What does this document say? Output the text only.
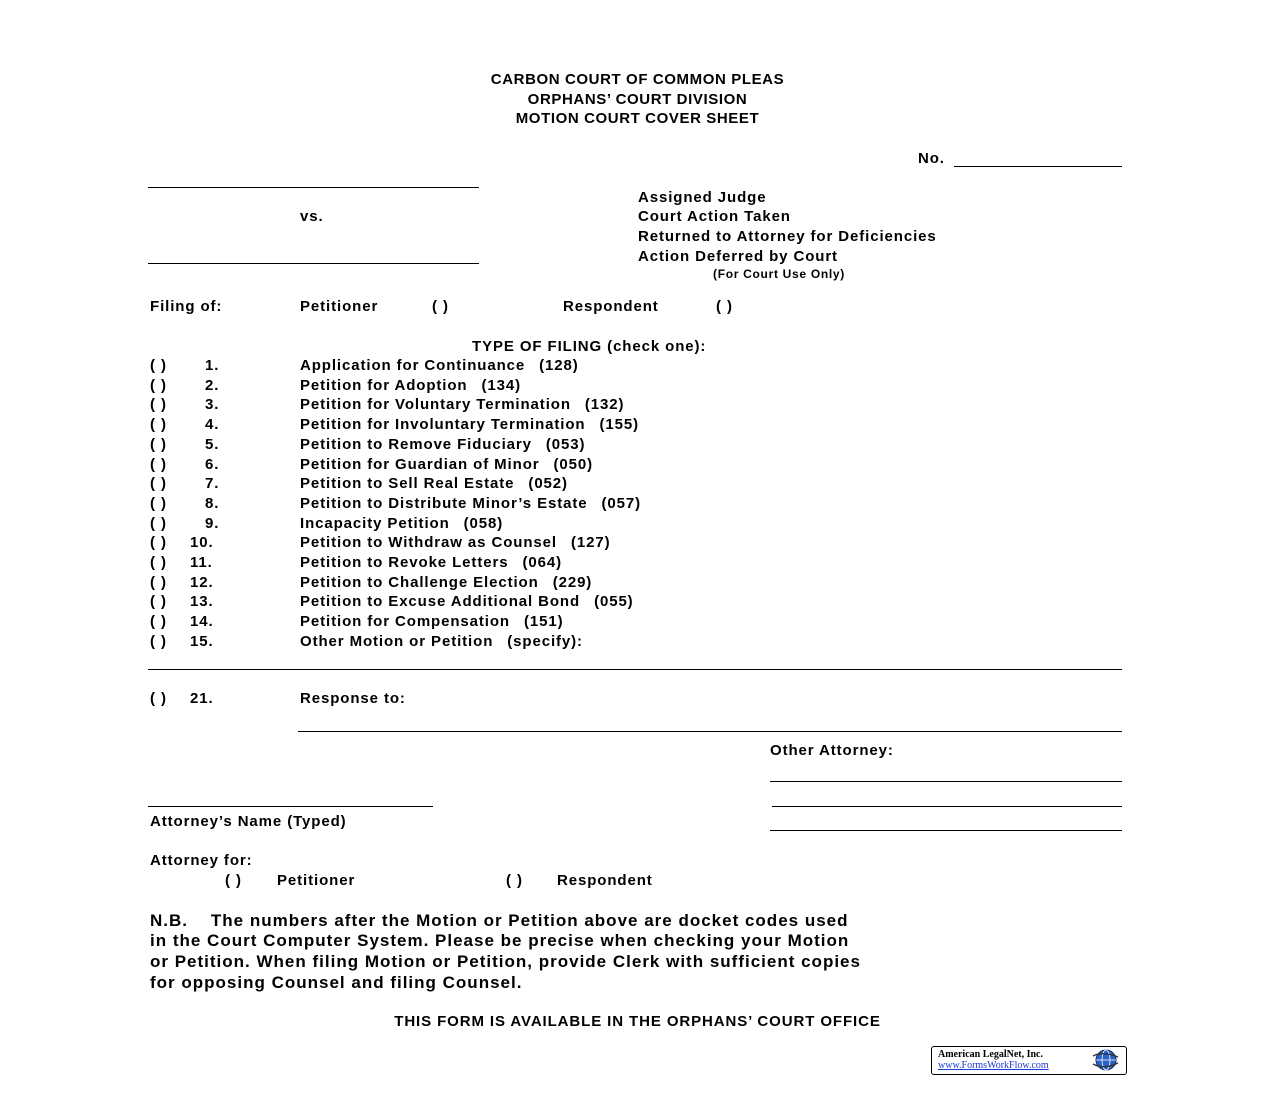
CARBON COURT OF COMMON PLEAS
ORPHANS’ COURT DIVISION
MOTION COURT COVER SHEET
No.
vs.
Assigned Judge
Court Action Taken
Returned to Attorney for Deficiencies
Action Deferred by Court
(For Court Use Only)
Filing of:	Petitioner	( )	Respondent	( )
TYPE OF FILING (check one):
( )	1.	Application for Continuance (128)
( )	2.	Petition for Adoption (134)
( )	3.	Petition for Voluntary Termination (132)
( )	4.	Petition for Involuntary Termination (155)
( )	5.	Petition to Remove Fiduciary (053)
( )	6.	Petition for Guardian of Minor (050)
( )	7.	Petition to Sell Real Estate (052)
( )	8.	Petition to Distribute Minor’s Estate (057)
( )	9.	Incapacity Petition (058)
( ) 10.	Petition to Withdraw as Counsel (127)
( ) 11.	Petition to Revoke Letters (064)
( ) 12.	Petition to Challenge Election (229)
( ) 13.	Petition to Excuse Additional Bond (055)
( ) 14.	Petition for Compensation (151)
( ) 15.	Other Motion or Petition (specify):
( ) 21.	Response to:
Other Attorney:
Attorney’s Name (Typed)
Attorney for:
( ) Petitioner	( ) Respondent
N.B.    The numbers after the Motion or Petition above are docket codes used
in the Court Computer System. Please be precise when checking your Motion
or Petition. When filing Motion or Petition, provide Clerk with sufficient copies
for opposing Counsel and filing Counsel.
THIS FORM IS AVAILABLE IN THE ORPHANS’ COURT OFFICE
American LegalNet, Inc.
www.FormsWorkFlow.com
